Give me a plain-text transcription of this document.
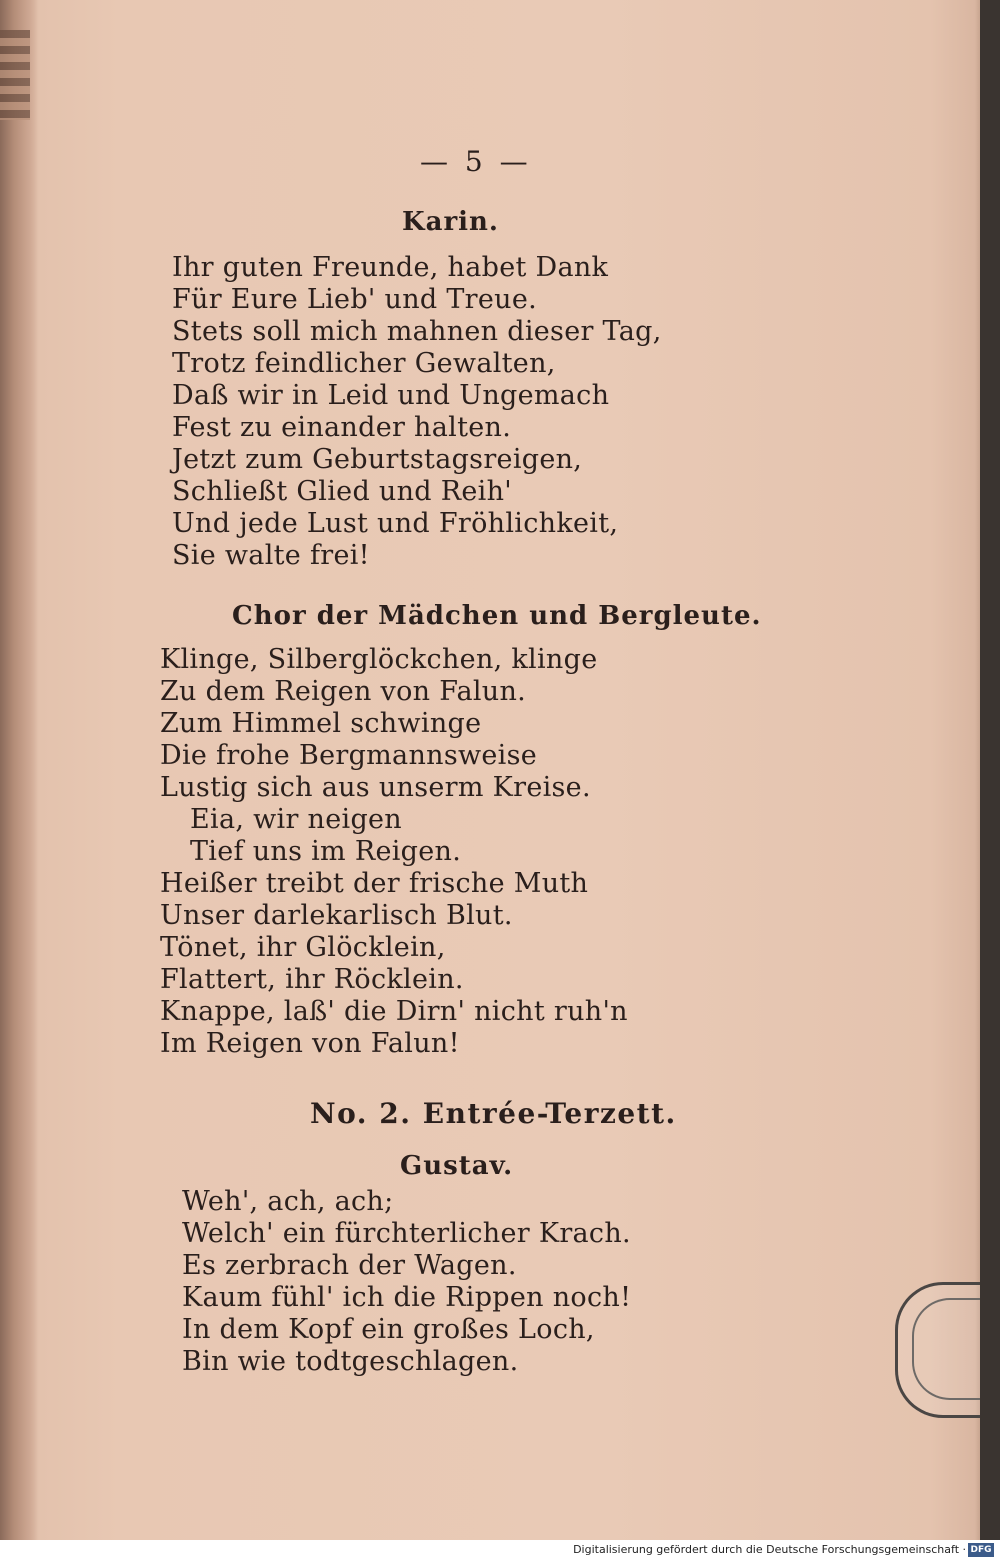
— 5 —
Karin.
Ihr guten Freunde, habet Dank
Für Eure Lieb' und Treue.
Stets soll mich mahnen dieser Tag,
Trotz feindlicher Gewalten,
Daß wir in Leid und Ungemach
Fest zu einander halten.
Jetzt zum Geburtstagsreigen,
Schließt Glied und Reih'
Und jede Lust und Fröhlichkeit,
Sie walte frei!
Chor der Mädchen und Bergleute.
Klinge, Silberglöckchen, klinge
Zu dem Reigen von Falun.
Zum Himmel schwinge
Die frohe Bergmannsweise
Lustig sich aus unserm Kreise.
Eia, wir neigen
Tief uns im Reigen.
Heißer treibt der frische Muth
Unser darlekarlisch Blut.
Tönet, ihr Glöcklein,
Flattert, ihr Röcklein.
Knappe, laß' die Dirn' nicht ruh'n
Im Reigen von Falun!
No. 2. Entrée-Terzett.
Gustav.
Weh', ach, ach;
Welch' ein fürchterlicher Krach.
Es zerbrach der Wagen.
Kaum fühl' ich die Rippen noch!
In dem Kopf ein großes Loch,
Bin wie todtgeschlagen.
Digitalisierung gefördert durch die Deutsche Forschungsgemeinschaft · DFG
